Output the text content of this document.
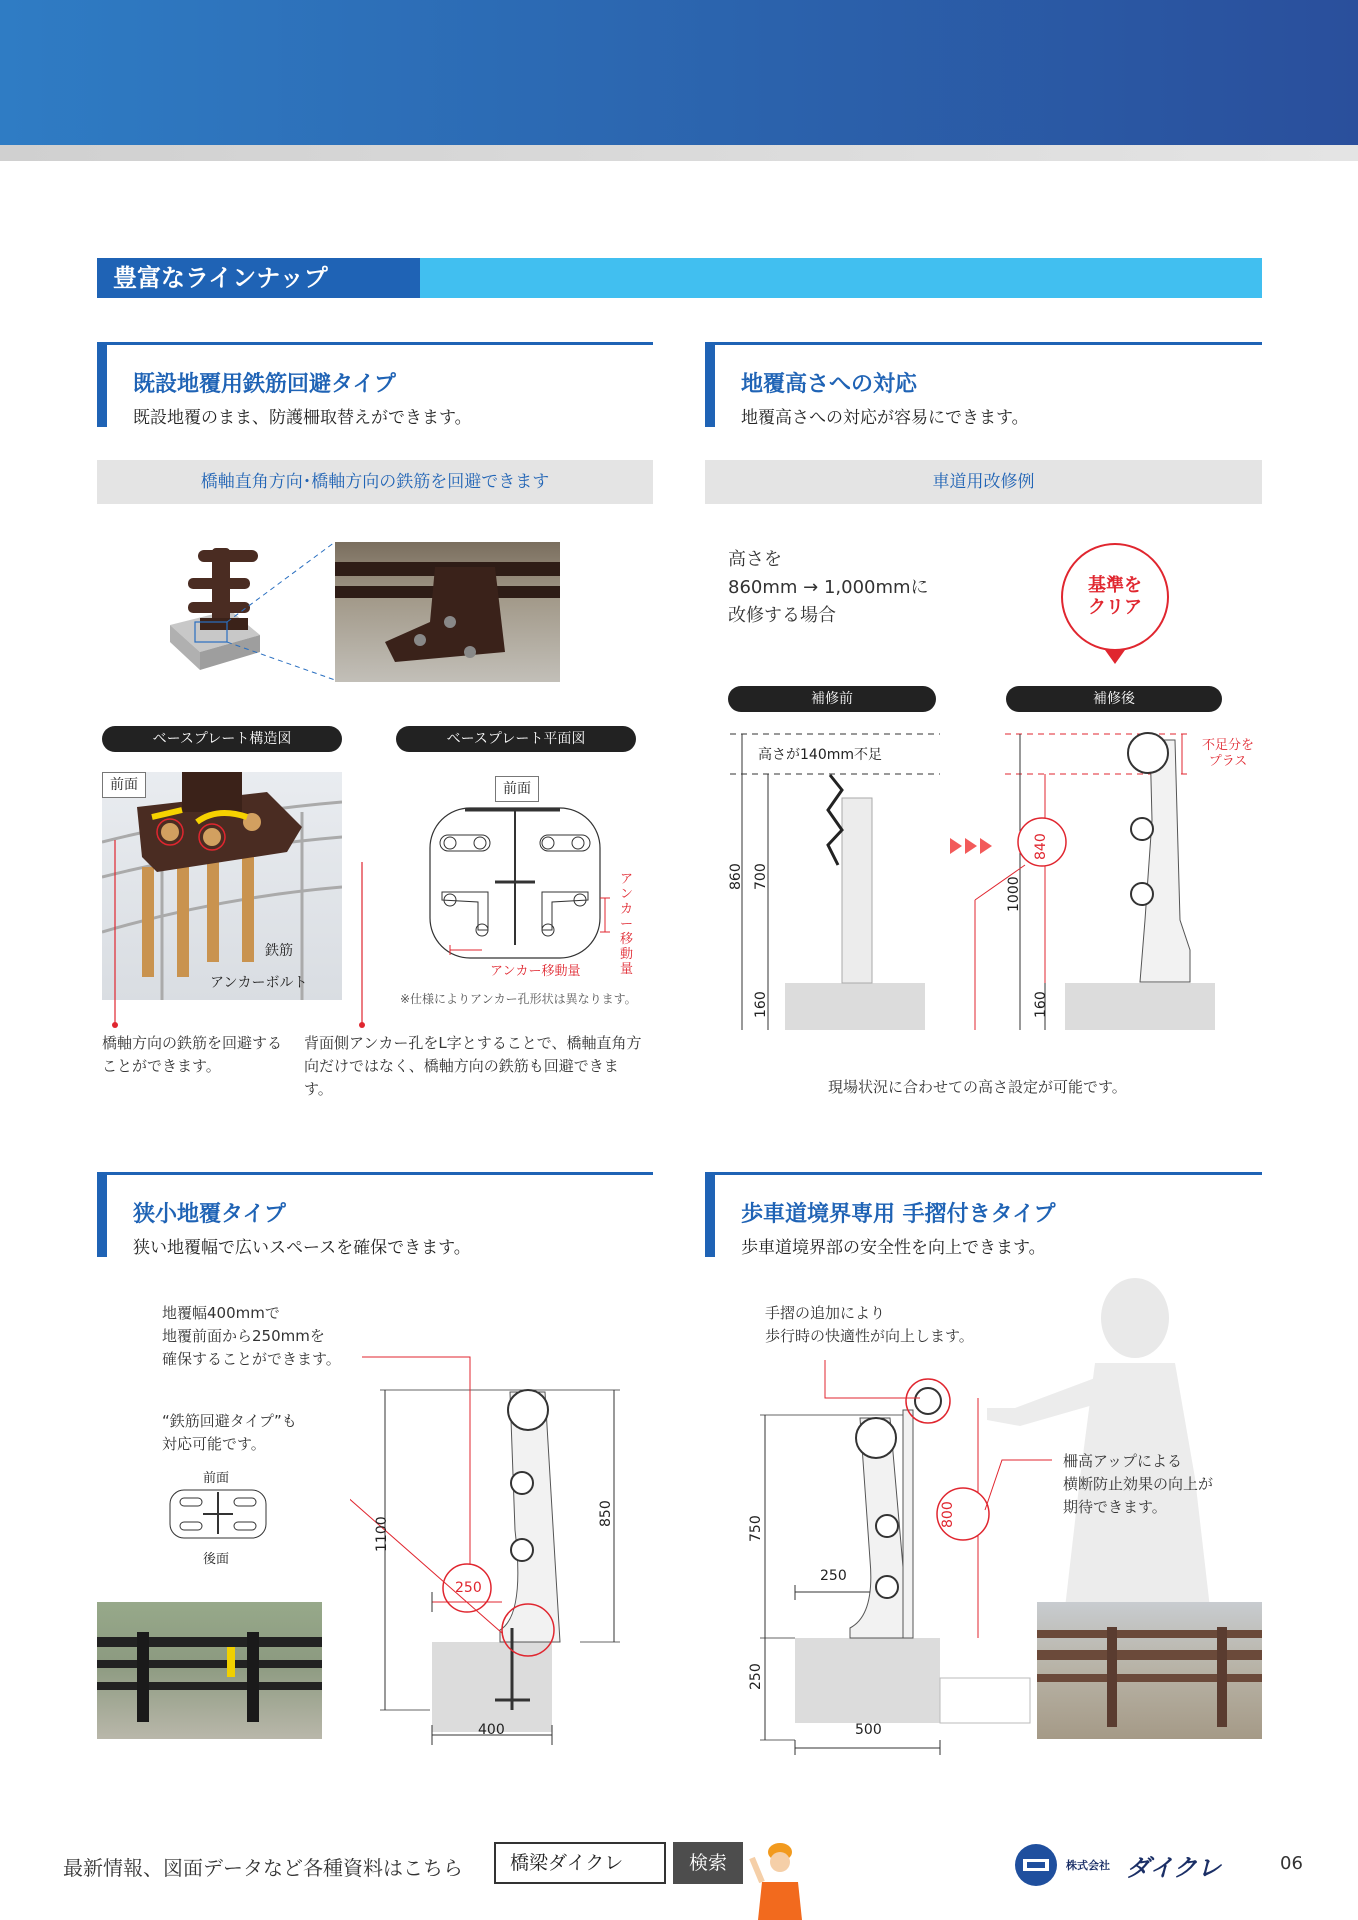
豊富なラインナップ
既設地覆用鉄筋回避タイプ
既設地覆のまま、防護柵取替えができます。
橋軸直角方向･橋軸方向の鉄筋を回避できます
ベースプレート構造図	ベースプレート平面図
前面
鉄筋
アンカーボルト
前面
アンカー移動量
アンカー移動量
※仕様によりアンカー孔形状は異なります。
橋軸方向の鉄筋を回避することができます。
背面側アンカー孔をL字とすることで、橋軸直角方向だけではなく、橋軸方向の鉄筋も回避できます。
地覆高さへの対応
地覆高さへの対応が容易にできます。
車道用改修例
高さを
860mm → 1,000mmに
改修する場合
基準を
クリア
補修前	補修後
高さが140mm不足
不足分を
プラス
860 700
160
1000
840
160
現場状況に合わせての高さ設定が可能です。
狭小地覆タイプ
狭い地覆幅で広いスペースを確保できます。
地覆幅400mmで
地覆前面から250mmを
確保することができます。
“鉄筋回避タイプ”も
対応可能です。
前面
後面
1100
850
250
400
歩車道境界専用 手摺付きタイプ
歩車道境界部の安全性を向上できます。
手摺の追加により
歩行時の快適性が向上します。
柵高アップによる
横断防止効果の向上が
期待できます。
750
800
250
250
500
最新情報、図面データなど各種資料はこちら	橋梁ダイクレ	検索	株式会社 ダイクレ	06
